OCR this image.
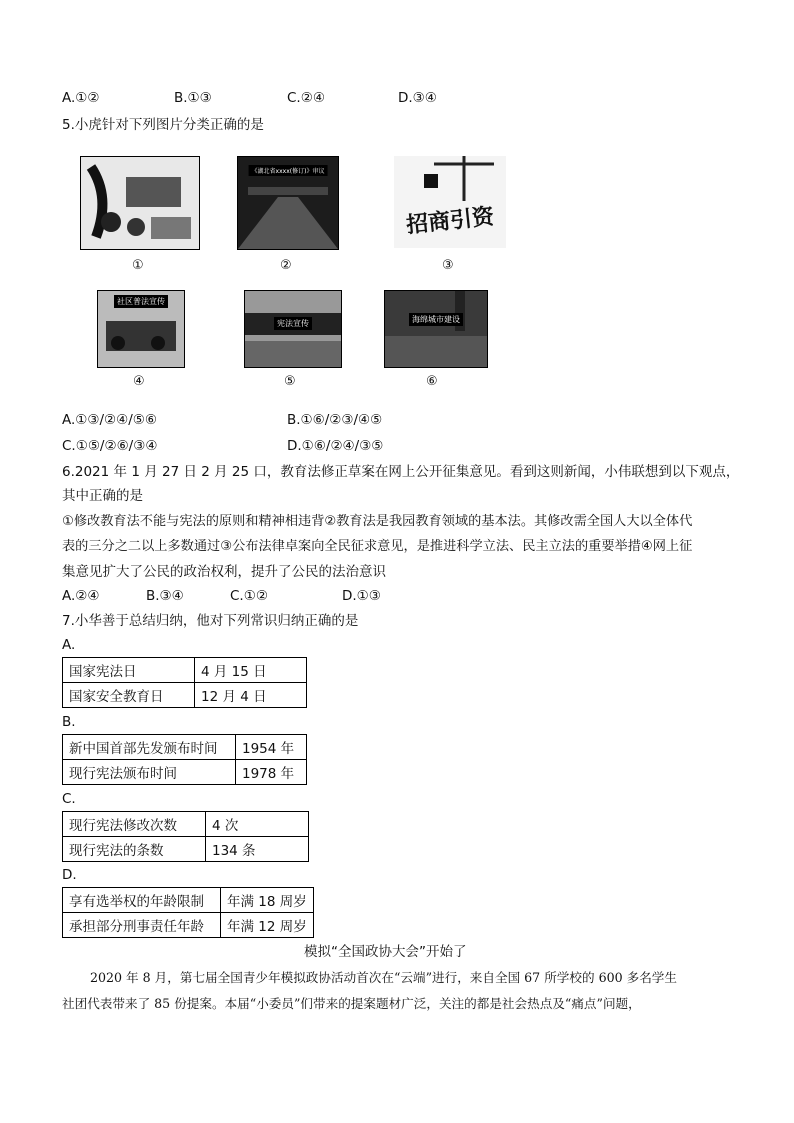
A.①②	B.①③	C.②④	D.③④
5.小虎针对下列图片分类正确的是
①
《湖北省xxxx(修订)》审议
②
招商引资
③
社区普法宣传
④
宪法宣传
⑤
海绵城市建设
⑥
A.①③/②④/⑤⑥	B.①⑥/②③/④⑤
C.①⑤/②⑥/③④	D.①⑥/②④/③⑤
6.2021 年 1 月 27 日 2 月 25 口，教育法修正草案在网上公开征集意见。看到这则新闻，小伟联想到以下观点，
其中正确的是
①修改教育法不能与宪法的原则和精神相违背②教育法是我园教育领域的基本法。其修改需全国人大以全体代
表的三分之二以上多数通过③公布法律卓案向全民征求意见，是推进科学立法、民主立法的重要举措④网上征
集意见扩大了公民的政治权利，提升了公民的法治意识
A.②④	B.③④	C.①②	D.①③
7.小华善于总结归纳，他对下列常识归纳正确的是
A.
国家宪法日	4 月 15 日
国家安全教育日	12 月 4 日
B.
新中国首部先发颁布时间	1954 年
现行宪法颁布时间	1978 年
C.
现行宪法修改次数	4 次
现行宪法的条数	134 条
D.
享有选举权的年龄限制	年满 18 周岁
承担部分刑事责任年龄	年满 12 周岁
模拟“全国政协大会”开始了
2020 年 8 月，第七届全国青少年模拟政协活动首次在“云端”进行，来自全国 67 所学校的 600 多名学生
社团代表带来了 85 份提案。本届“小委员”们带来的提案题材广泛，关注的都是社会热点及“痛点”问题，
